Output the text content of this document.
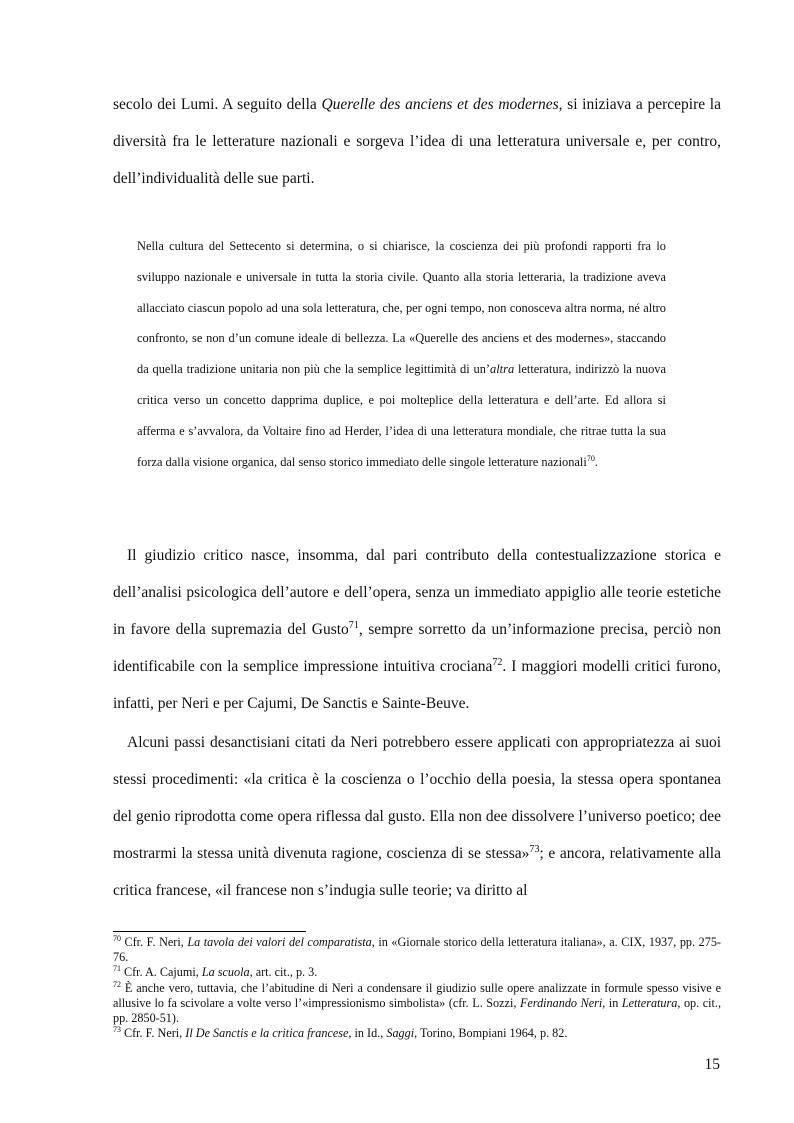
secolo dei Lumi. A seguito della Querelle des anciens et des modernes, si iniziava a percepire la diversità fra le letterature nazionali e sorgeva l’idea di una letteratura universale e, per contro, dell’individualità delle sue parti.

Nella cultura del Settecento si determina, o si chiarisce, la coscienza dei più profondi rapporti fra lo sviluppo nazionale e universale in tutta la storia civile. Quanto alla storia letteraria, la tradizione aveva allacciato ciascun popolo ad una sola letteratura, che, per ogni tempo, non conosceva altra norma, né altro confronto, se non d’un comune ideale di bellezza. La «Querelle des anciens et des modernes», staccando da quella tradizione unitaria non più che la semplice legittimità di un’altra letteratura, indirizzò la nuova critica verso un concetto dapprima duplice, e poi molteplice della letteratura e dell’arte. Ed allora si afferma e s’avvalora, da Voltaire fino ad Herder, l’idea di una letteratura mondiale, che ritrae tutta la sua forza dalla visione organica, dal senso storico immediato delle singole letterature nazionali$^{70}$.

Il giudizio critico nasce, insomma, dal pari contributo della contestualizzazione storica e dell’analisi psicologica dell’autore e dell’opera, senza un immediato appiglio alle teorie estetiche in favore della supremazia del Gusto$^{71}$, sempre sorretto da un’informazione precisa, perciò non identificabile con la semplice impressione intuitiva crociana$^{72}$. I maggiori modelli critici furono, infatti, per Neri e per Cajumi, De Sanctis e Sainte-Beuve.

Alcuni passi desanctisiani citati da Neri potrebbero essere applicati con appropriatezza ai suoi stessi procedimenti: «la critica è la coscienza o l’occhio della poesia, la stessa opera spontanea del genio riprodotta come opera riflessa dal gusto. Ella non dee dissolvere l’universo poetico; dee mostrarmi la stessa unità divenuta ragione, coscienza di se stessa»$^{73}$; e ancora, relativamente alla critica francese, «il francese non s’indugia sulle teorie; va diritto al

$^{70}$ Cfr. F. Neri, La tavola dei valori del comparatista, in «Giornale storico della letteratura italiana», a. CIX, 1937, pp. 275-76.

$^{71}$ Cfr. A. Cajumi, La scuola, art. cit., p. 3.

$^{72}$ È anche vero, tuttavia, che l’abitudine di Neri a condensare il giudizio sulle opere analizzate in formule spesso visive e allusive lo fa scivolare a volte verso l’«impressionismo simbolista» (cfr. L. Sozzi, Ferdinando Neri, in Letteratura, op. cit., pp. 2850-51).

$^{73}$ Cfr. F. Neri, Il De Sanctis e la critica francese, in Id., Saggi, Torino, Bompiani 1964, p. 82.

15
